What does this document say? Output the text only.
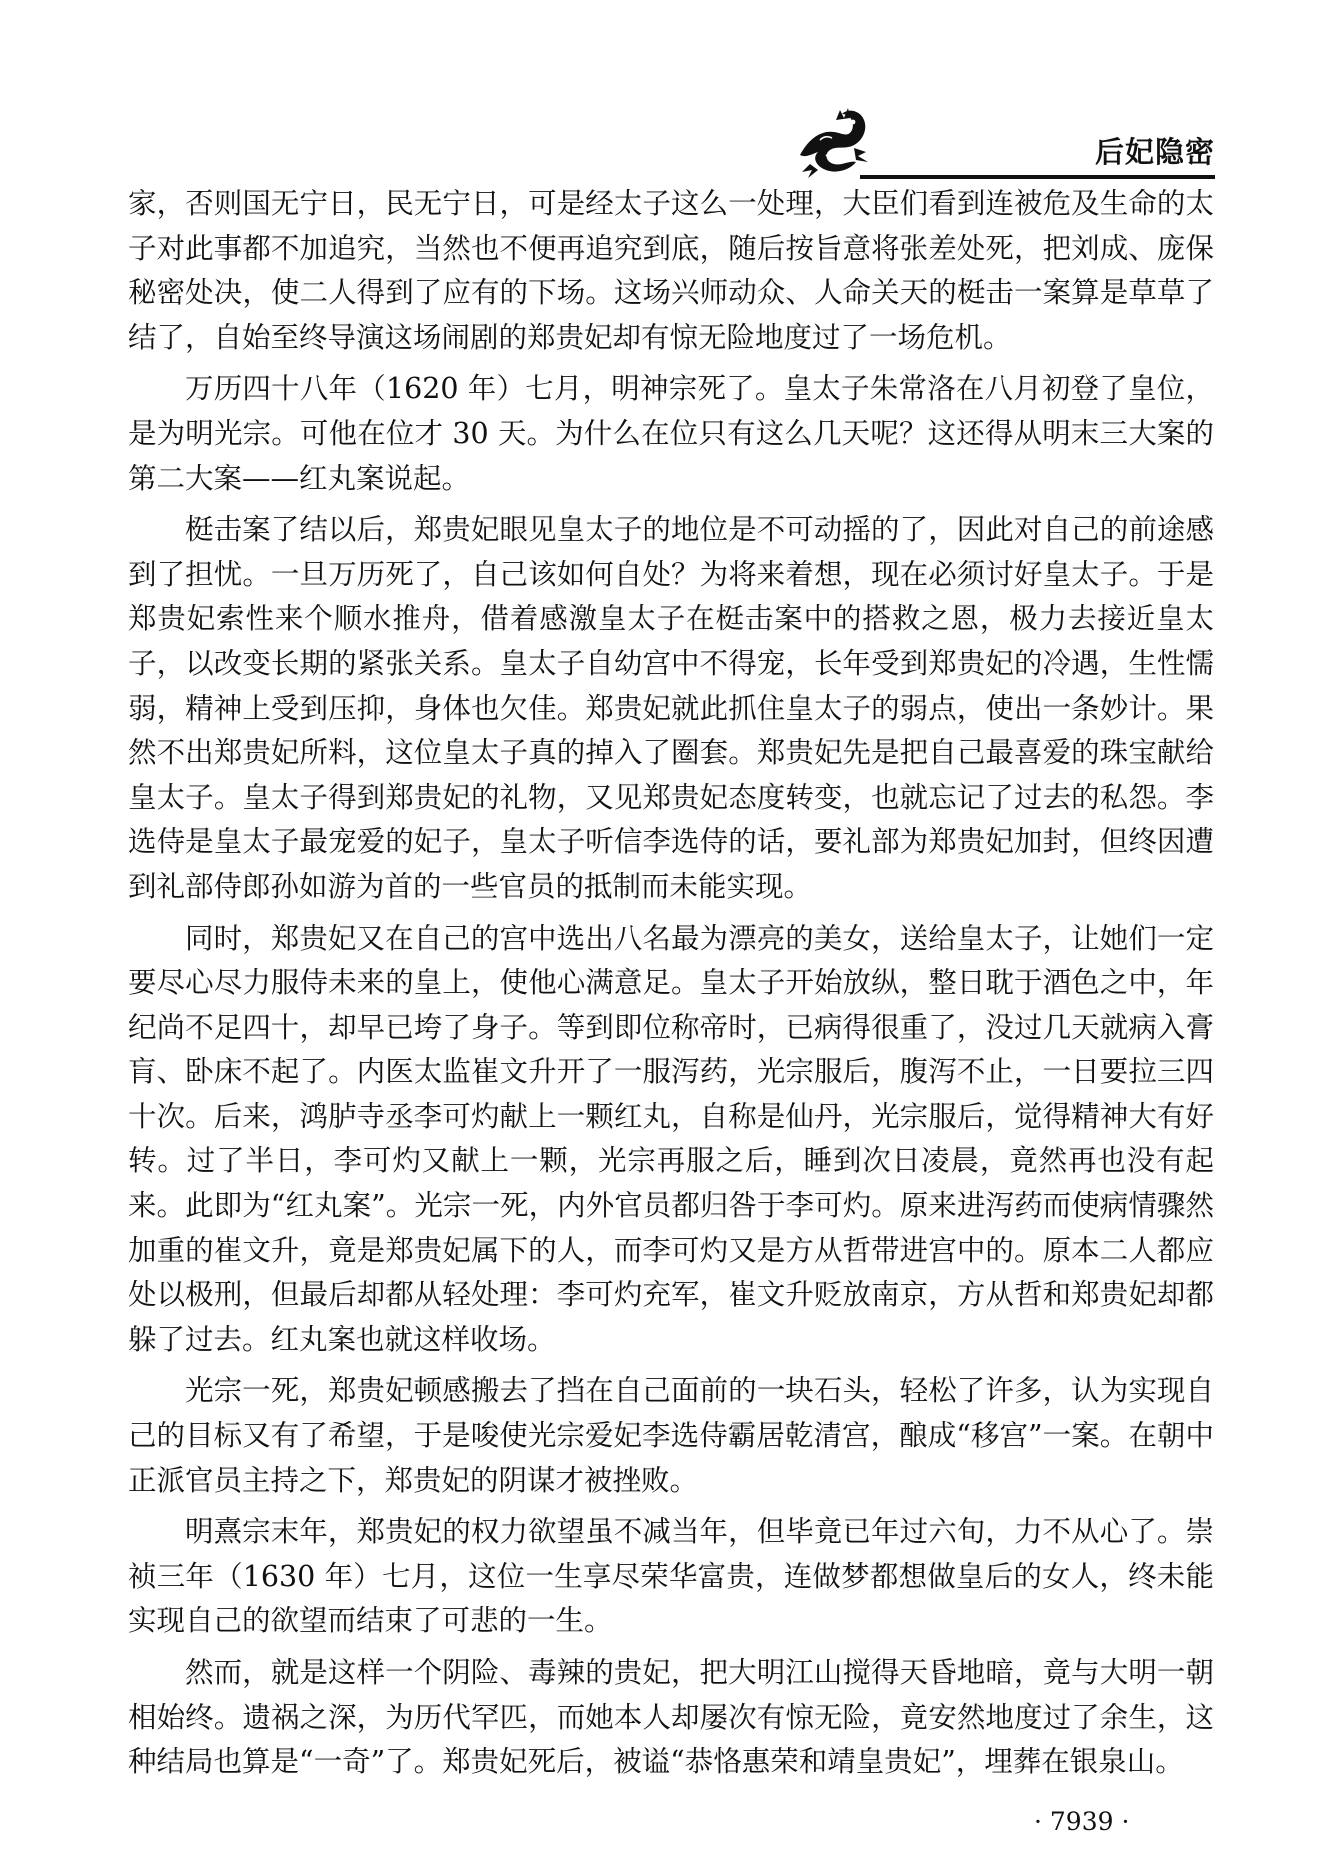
后妃隐密

家，否则国无宁日，民无宁日，可是经太子这么一处理，大臣们看到连被危及生命的太子对此事都不加追究，当然也不便再追究到底，随后按旨意将张差处死，把刘成、庞保秘密处决，使二人得到了应有的下场。这场兴师动众、人命关天的梃击一案算是草草了结了，自始至终导演这场闹剧的郑贵妃却有惊无险地度过了一场危机。

万历四十八年（1620 年）七月，明神宗死了。皇太子朱常洛在八月初登了皇位，是为明光宗。可他在位才 30 天。为什么在位只有这么几天呢？这还得从明末三大案的第二大案——红丸案说起。

梃击案了结以后，郑贵妃眼见皇太子的地位是不可动摇的了，因此对自己的前途感到了担忧。一旦万历死了，自己该如何自处？为将来着想，现在必须讨好皇太子。于是郑贵妃索性来个顺水推舟，借着感激皇太子在梃击案中的搭救之恩，极力去接近皇太子，以改变长期的紧张关系。皇太子自幼宫中不得宠，长年受到郑贵妃的冷遇，生性懦弱，精神上受到压抑，身体也欠佳。郑贵妃就此抓住皇太子的弱点，使出一条妙计。果然不出郑贵妃所料，这位皇太子真的掉入了圈套。郑贵妃先是把自己最喜爱的珠宝献给皇太子。皇太子得到郑贵妃的礼物，又见郑贵妃态度转变，也就忘记了过去的私怨。李选侍是皇太子最宠爱的妃子，皇太子听信李选侍的话，要礼部为郑贵妃加封，但终因遭到礼部侍郎孙如游为首的一些官员的抵制而未能实现。

同时，郑贵妃又在自己的宫中选出八名最为漂亮的美女，送给皇太子，让她们一定要尽心尽力服侍未来的皇上，使他心满意足。皇太子开始放纵，整日耽于酒色之中，年纪尚不足四十，却早已垮了身子。等到即位称帝时，已病得很重了，没过几天就病入膏肓、卧床不起了。内医太监崔文升开了一服泻药，光宗服后，腹泻不止，一日要拉三四十次。后来，鸿胪寺丞李可灼献上一颗红丸，自称是仙丹，光宗服后，觉得精神大有好转。过了半日，李可灼又献上一颗，光宗再服之后，睡到次日凌晨，竟然再也没有起来。此即为“红丸案”。光宗一死，内外官员都归咎于李可灼。原来进泻药而使病情骤然加重的崔文升，竟是郑贵妃属下的人，而李可灼又是方从哲带进宫中的。原本二人都应处以极刑，但最后却都从轻处理：李可灼充军，崔文升贬放南京，方从哲和郑贵妃却都躲了过去。红丸案也就这样收场。

光宗一死，郑贵妃顿感搬去了挡在自己面前的一块石头，轻松了许多，认为实现自己的目标又有了希望，于是唆使光宗爱妃李选侍霸居乾清宫，酿成“移宫”一案。在朝中正派官员主持之下，郑贵妃的阴谋才被挫败。

明熹宗末年，郑贵妃的权力欲望虽不减当年，但毕竟已年过六旬，力不从心了。崇祯三年（1630 年）七月，这位一生享尽荣华富贵，连做梦都想做皇后的女人，终未能实现自己的欲望而结束了可悲的一生。

然而，就是这样一个阴险、毒辣的贵妃，把大明江山搅得天昏地暗，竟与大明一朝相始终。遗祸之深，为历代罕匹，而她本人却屡次有惊无险，竟安然地度过了余生，这种结局也算是“一奇”了。郑贵妃死后，被谥“恭恪惠荣和靖皇贵妃”，埋葬在银泉山。

· 7939 ·
